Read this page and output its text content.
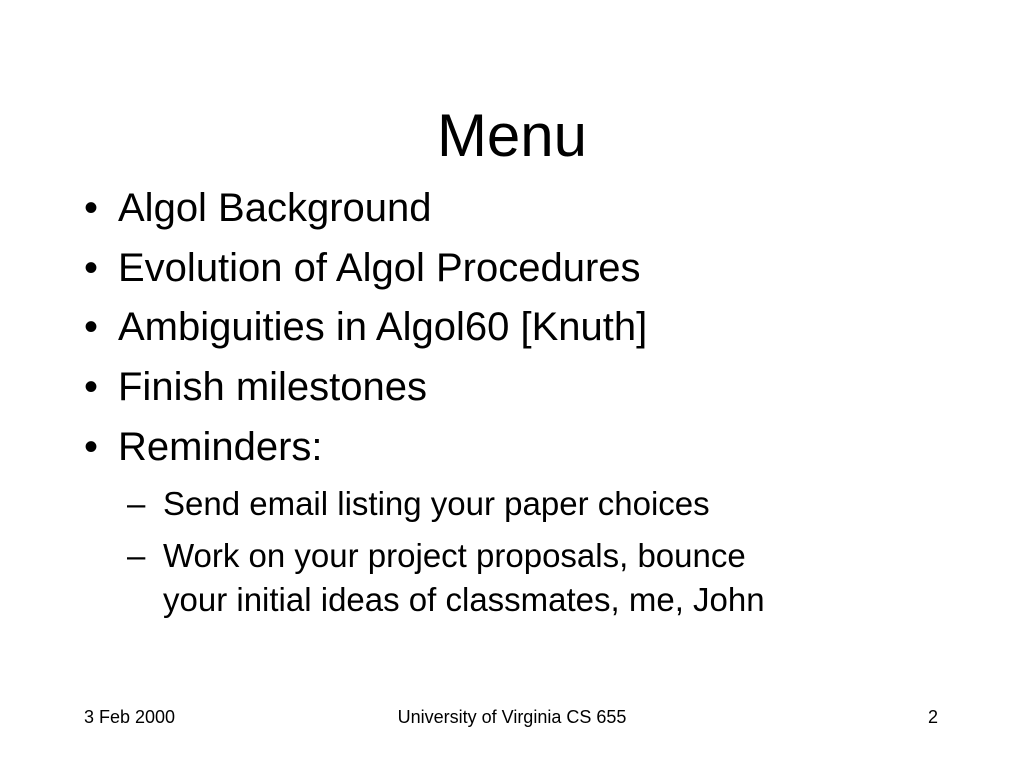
Menu
• Algol Background
• Evolution of Algol Procedures
• Ambiguities in Algol60 [Knuth]
• Finish milestones
• Reminders:
– Send email listing your paper choices
– Work on your project proposals, bounce
your initial ideas of classmates, me, John
3 Feb 2000	University of Virginia CS 655	2
